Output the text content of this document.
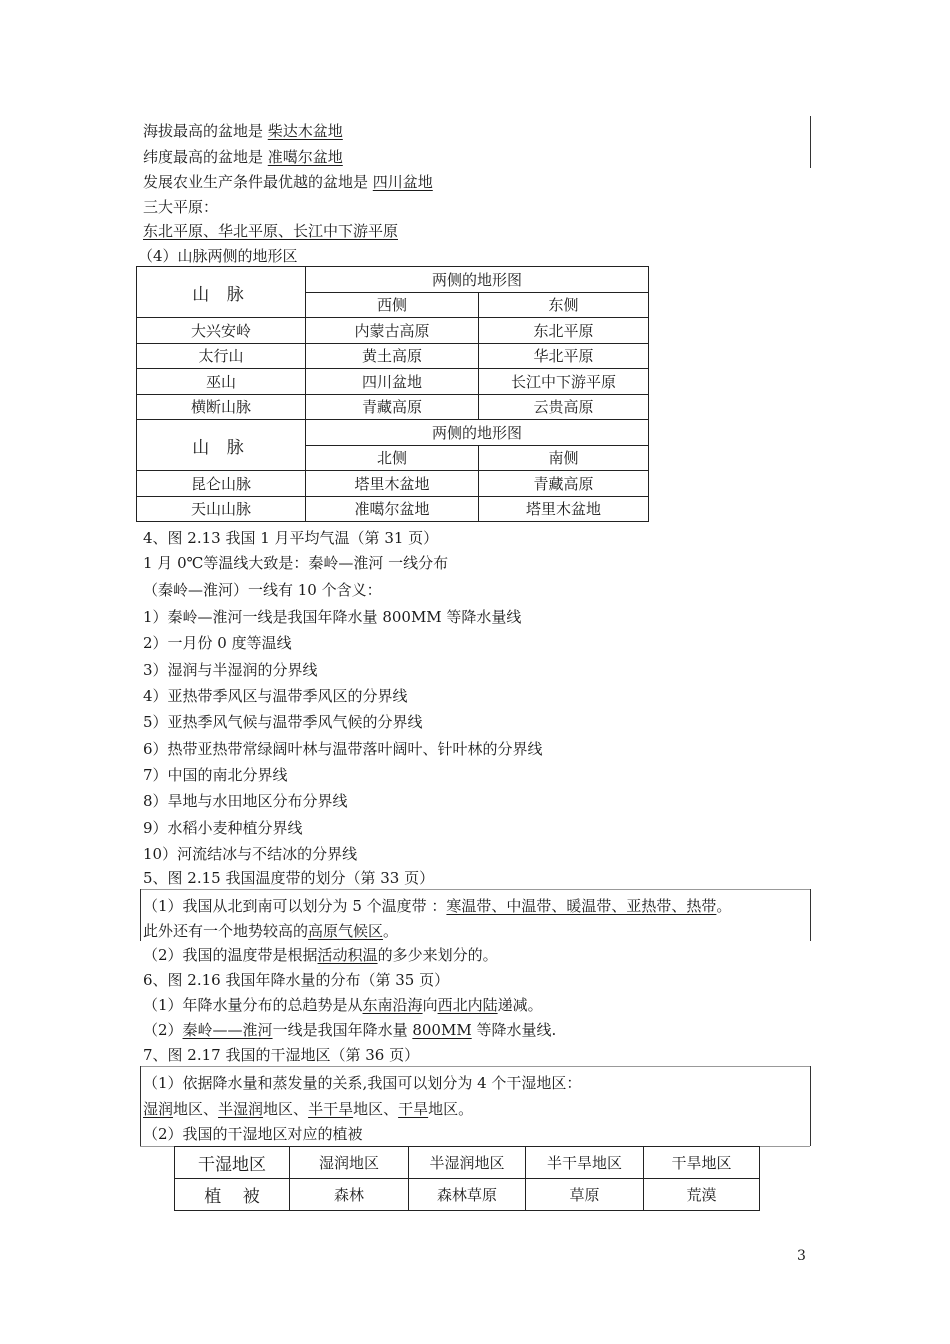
海拔最高的盆地是 柴达木盆地
纬度最高的盆地是 准噶尔盆地
发展农业生产条件最优越的盆地是 四川盆地
三大平原：
东北平原、华北平原、长江中下游平原
（4）山脉两侧的地形区
山 脉	两侧的地形图	
	西侧	东侧
大兴安岭	内蒙古高原	东北平原
太行山	黄土高原	华北平原
巫山	四川盆地	长江中下游平原
横断山脉	青藏高原	云贵高原
山 脉	两侧的地形图	
	北侧	南侧
昆仑山脉	塔里木盆地	青藏高原
天山山脉	准噶尔盆地	塔里木盆地
4、图 2.13 我国 1 月平均气温（第 31 页）
1 月 0℃等温线大致是：秦岭—淮河 一线分布
（秦岭—淮河）一线有 10 个含义：
1）秦岭—淮河一线是我国年降水量 800MM 等降水量线
2）一月份 0 度等温线
3）湿润与半湿润的分界线
4）亚热带季风区与温带季风区的分界线
5）亚热季风气候与温带季风气候的分界线
6）热带亚热带常绿阔叶林与温带落叶阔叶、针叶林的分界线
7）中国的南北分界线
8）旱地与水田地区分布分界线
9）水稻小麦种植分界线
10）河流结冰与不结冰的分界线
5、图 2.15 我国温度带的划分（第 33 页）
（1）我国从北到南可以划分为 5 个温度带 ：寒温带、中温带、暖温带、亚热带、热带。
此外还有一个地势较高的高原气候区。
（2）我国的温度带是根据活动积温的多少来划分的。
6、图 2.16 我国年降水量的分布（第 35 页）
（1）年降水量分布的总趋势是从东南沿海向西北内陆递减。
（2）秦岭——淮河一线是我国年降水量 800MM 等降水量线.
7、图 2.17 我国的干湿地区（第 36 页）
（1）依据降水量和蒸发量的关系,我国可以划分为 4 个干湿地区：
湿润地区、半湿润地区、半干旱地区、干旱地区。
（2）我国的干湿地区对应的植被
干湿地区	湿润地区	半湿润地区	半干旱地区	干旱地区
植    被	森林	森林草原	草原	荒漠
3
